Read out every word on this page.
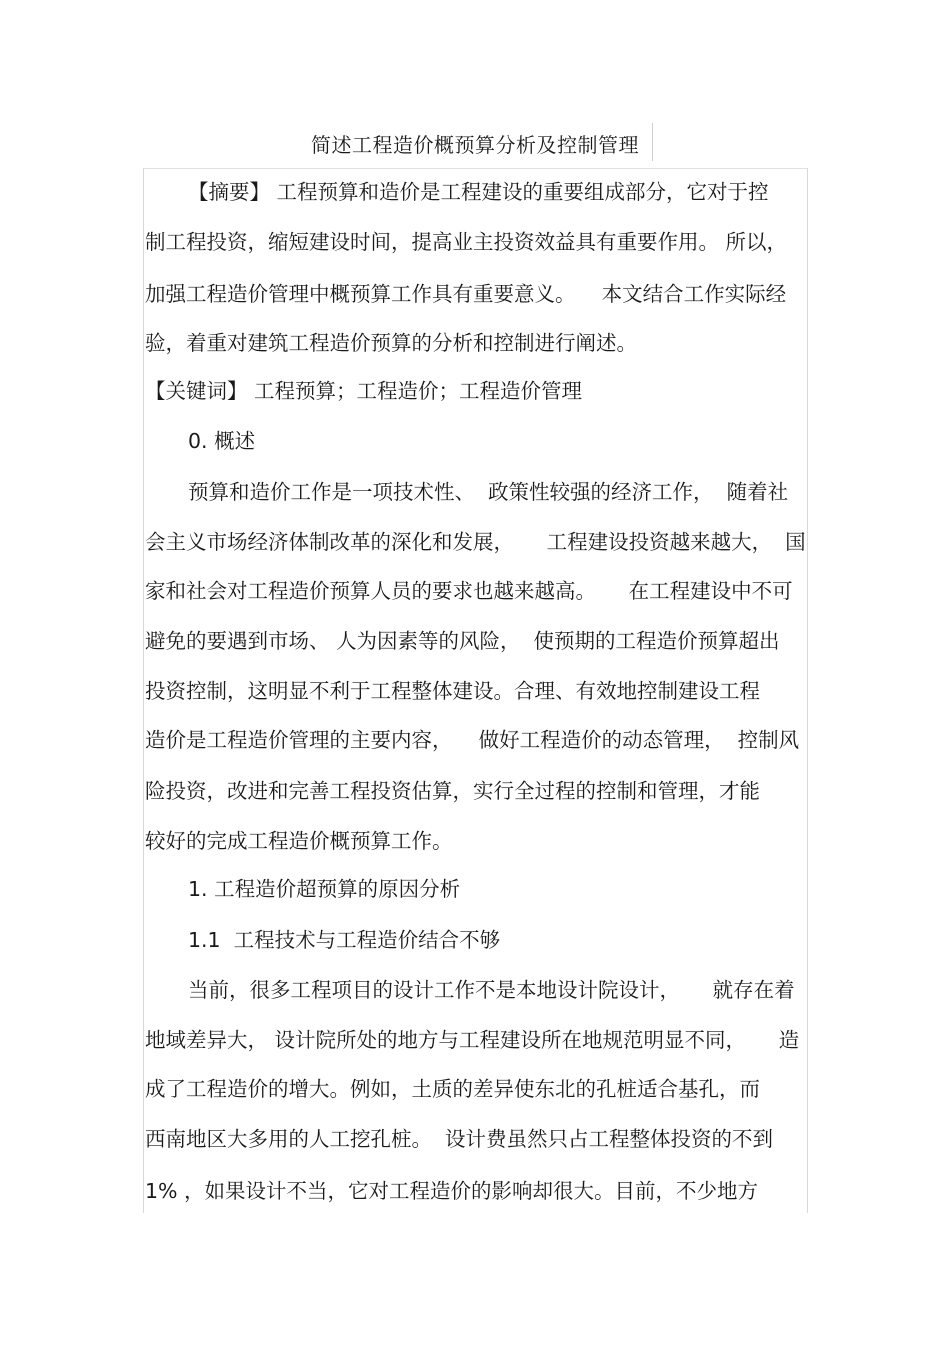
简述工程造价概预算分析及控制管理
【摘要】 工程预算和造价是工程建设的重要组成部分，它对于控
制工程投资，缩短建设时间，提高业主投资效益具有重要作用。 所以，
加强工程造价管理中概预算工作具有重要意义。    本文结合工作实际经
验，着重对建筑工程造价预算的分析和控制进行阐述。
【关键词】 工程预算；工程造价；工程造价管理
0. 概述
预算和造价工作是一项技术性、  政策性较强的经济工作，  随着社
会主义市场经济体制改革的深化和发展，     工程建设投资越来越大，  国
家和社会对工程造价预算人员的要求也越来越高。     在工程建设中不可
避免的要遇到市场、 人为因素等的风险，  使预期的工程造价预算超出
投资控制，这明显不利于工程整体建设。合理、有效地控制建设工程
造价是工程造价管理的主要内容，    做好工程造价的动态管理，  控制风
险投资，改进和完善工程投资估算，实行全过程的控制和管理，才能
较好的完成工程造价概预算工作。
1. 工程造价超预算的原因分析
1.1  工程技术与工程造价结合不够
当前，很多工程项目的设计工作不是本地设计院设计，     就存在着
地域差异大， 设计院所处的地方与工程建设所在地规范明显不同，     造
成了工程造价的增大。例如，土质的差异使东北的孔桩适合基孔，而
西南地区大多用的人工挖孔桩。  设计费虽然只占工程整体投资的不到
1% ，如果设计不当，它对工程造价的影响却很大。目前，不少地方
